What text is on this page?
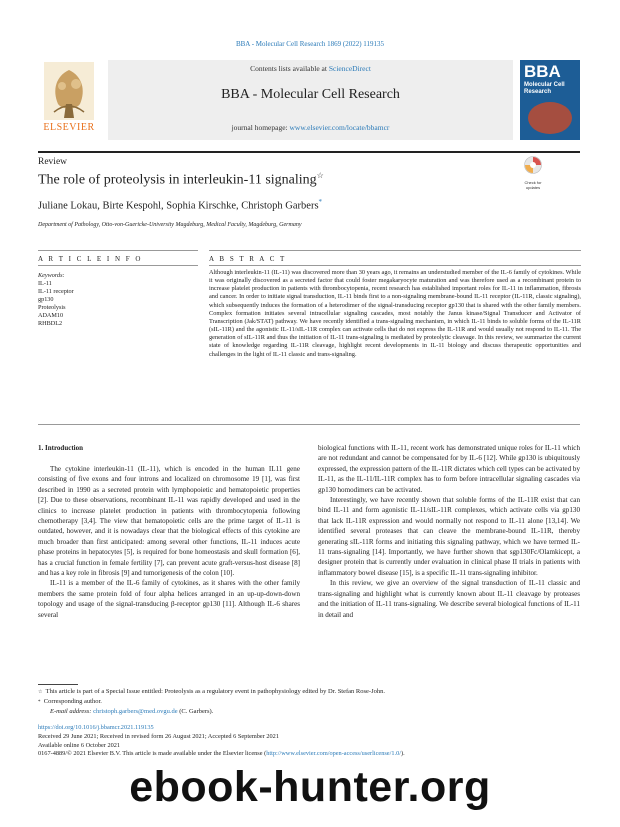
BBA - Molecular Cell Research 1869 (2022) 119135
ELSEVIER
Contents lists available at ScienceDirect
BBA - Molecular Cell Research
journal homepage: www.elsevier.com/locate/bbamcr
BBA
Molecular Cell
Research
Review
The role of proteolysis in interleukin-11 signaling☆
Check for
updates
Juliane Lokau, Birte Kespohl, Sophia Kirschke, Christoph Garbers*
Department of Pathology, Otto-von-Guericke-University Magdeburg, Medical Faculty, Magdeburg, Germany
A R T I C L E I N F O	A B S T R A C T
Keywords:
IL-11
IL-11 receptor
gp130
Proteolysis
ADAM10
RHBDL2
Although interleukin-11 (IL-11) was discovered more than 30 years ago, it remains an understudied member of the IL-6 family of cytokines. While it was originally discovered as a secreted factor that could foster megakaryocyte maturation and was therefore used as a recombinant protein to increase platelet production in patients with thrombocytopenia, recent research has established important roles for IL-11 in inflammation, fibrosis and cancer. In order to initiate signal transduction, IL-11 binds first to a non-signaling membrane-bound IL-11 receptor (IL-11R, classic signaling), which subsequently induces the formation of a heterodimer of the signal-transducing receptor gp130 that is shared with the other family members. Complex formation initiates several intracellular signaling cascades, most notably the Janus kinase/Signal Transducer and Activator of Transcription (Jak/STAT) pathway. We have recently identified a trans-signaling mechanism, in which IL-11 binds to soluble forms of the IL-11R (sIL-11R) and the agonistic IL-11/sIL-11R complex can activate cells that do not express the IL-11R and would usually not respond to IL-11. The generation of sIL-11R and thus the initiation of IL-11 trans-signaling is mediated by proteolytic cleavage. In this review, we summarize the current state of knowledge regarding IL-11R cleavage, highlight recent developments in IL-11 biology and discuss therapeutic opportunities and challenges in the light of IL-11 classic and trans-signaling.
1. Introduction

The cytokine interleukin-11 (IL-11), which is encoded in the human IL11 gene consisting of five exons and four introns and localized on chromosome 19 [1], was first described in 1990 as a secreted protein with lymphopoietic and hematopoietic properties [2]. Due to these observations, recombinant IL-11 was rapidly developed and used in the clinics to increase platelet production in patients with thrombocytopenia following chemotherapy [3,4]. The view that hematopoietic cells are the prime target of IL-11 is outdated, however, and it is nowadays clear that the biological effects of this cytokine are much broader than first anticipated: among several other functions, IL-11 induces acute phase proteins in hepatocytes [5], is required for bone homeostasis and skull formation [6], has a crucial function in female fertility [7], can prevent acute graft-versus-host disease [8] and has a key role in fibrosis [9] and tumorigenesis of the colon [10].

IL-11 is a member of the IL-6 family of cytokines, as it shares with the other family members the same protein fold of four alpha helices arranged in an up-up-down-down topology and usage of the signal-transducing β-receptor gp130 [11]. Although IL-6 shares several

biological functions with IL-11, recent work has demonstrated unique roles for IL-11 which are not redundant and cannot be compensated for by IL-6 [12]. While gp130 is ubiquitously expressed, the expression pattern of the IL-11R dictates which cell types can be activated by IL-11, as the IL-11/IL-11R complex has to form before intracellular signaling cascades via gp130 homodimers can be activated.

Interestingly, we have recently shown that soluble forms of the IL-11R exist that can bind IL-11 and form agonistic IL-11/sIL-11R complexes, which activate cells via gp130 that lack IL-11R expression and would normally not respond to IL-11 alone [13,14]. We identified several proteases that can cleave the membrane-bound IL-11R, thereby generating sIL-11R forms and initiating this signaling pathway, which we have termed IL-11 trans-signaling [14]. Importantly, we have further shown that sgp130Fc/Olamkicept, a designer protein that is currently under evaluation in clinical phase II trials in patients with inflammatory bowel disease [15], is a specific IL-11 trans-signaling inhibitor.

In this review, we give an overview of the signal transduction of IL-11 classic and trans-signaling and highlight what is currently known about IL-11 cleavage by proteases and the initiation of IL-11 trans-signaling. We describe several biological functions of IL-11 in detail and

☆ This article is part of a Special Issue entitled: Proteolysis as a regulatory event in pathophysiology edited by Dr. Stefan Rose-John.
* Corresponding author.
E-mail address: christoph.garbers@med.ovgu.de (C. Garbers).
https://doi.org/10.1016/j.bbamcr.2021.119135
Received 29 June 2021; Received in revised form 26 August 2021; Accepted 6 September 2021
Available online 6 October 2021
0167-4889/© 2021 Elsevier B.V. This article is made available under the Elsevier license (http://www.elsevier.com/open-access/userlicense/1.0/).
ebook-hunter.org
